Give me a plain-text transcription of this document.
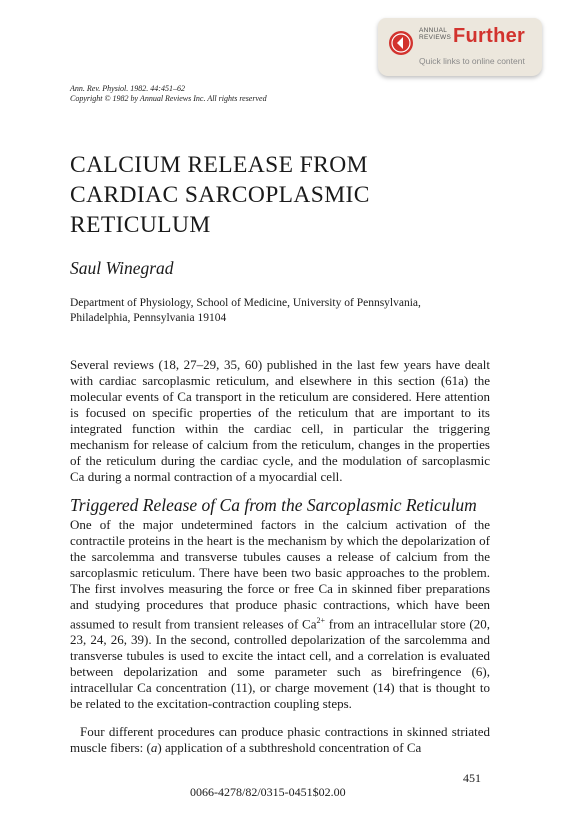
ANNUAL
REVIEWS Further
Quick links to online content
Ann. Rev. Physiol. 1982. 44:451–62
Copyright © 1982 by Annual Reviews Inc. All rights reserved
CALCIUM RELEASE FROM
CARDIAC SARCOPLASMIC
RETICULUM
Saul Winegrad
Department of Physiology, School of Medicine, University of Pennsylvania,
Philadelphia, Pennsylvania 19104

Several reviews (18, 27–29, 35, 60) published in the last few years have dealt with cardiac sarcoplasmic reticulum, and elsewhere in this section (61a) the molecular events of Ca transport in the reticulum are considered. Here attention is focused on specific properties of the reticulum that are important to its integrated function within the cardiac cell, in particular the triggering mechanism for release of calcium from the reticulum, changes in the properties of the reticulum during the cardiac cycle, and the modulation of sarcoplasmic Ca during a normal contraction of a myocardial cell.

Triggered Release of Ca from the Sarcoplasmic Reticulum

One of the major undetermined factors in the calcium activation of the contractile proteins in the heart is the mechanism by which the depolarization of the sarcolemma and transverse tubules causes a release of calcium from the sarcoplasmic reticulum. There have been two basic approaches to the problem. The first involves measuring the force or free Ca in skinned fiber preparations and studying procedures that produce phasic contractions, which have been assumed to result from transient releases of $Ca^{2+}$ from an intracellular store (20, 23, 24, 26, 39). In the second, controlled depolarization of the sarcolemma and transverse tubules is used to excite the intact cell, and a correlation is evaluated between depolarization and some parameter such as birefringence (6), intracellular Ca concentration (11), or charge movement (14) that is thought to be related to the excitation-contraction coupling steps.

Four different procedures can produce phasic contractions in skinned striated muscle fibers: (a) application of a subthreshold concentration of Ca

451
0066-4278/82/0315-0451$02.00
